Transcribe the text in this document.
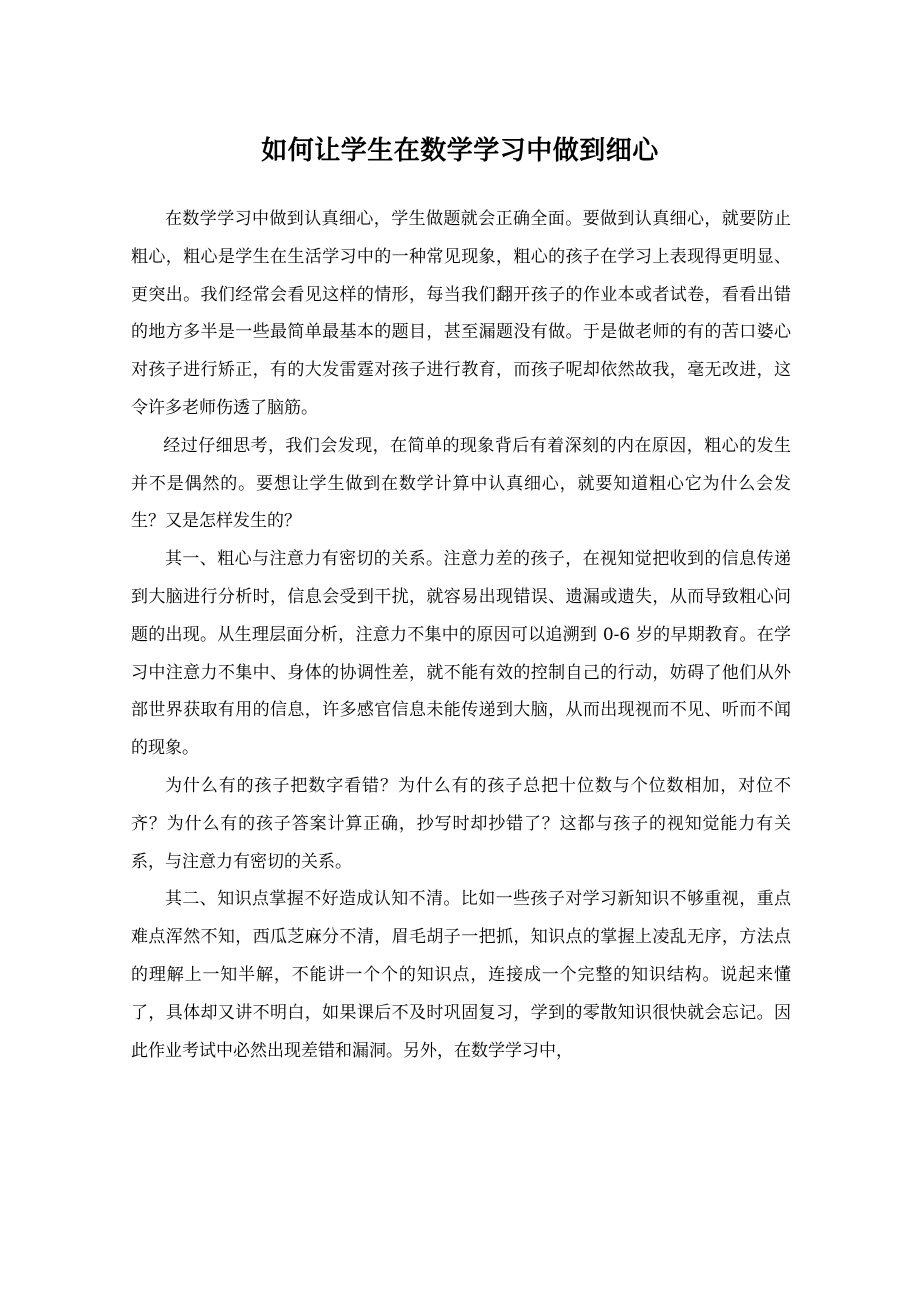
如何让学生在数学学习中做到细心

在数学学习中做到认真细心，学生做题就会正确全面。要做到认真细心，就要防止粗心，粗心是学生在生活学习中的一种常见现象，粗心的孩子在学习上表现得更明显、更突出。我们经常会看见这样的情形，每当我们翻开孩子的作业本或者试卷，看看出错的地方多半是一些最简单最基本的题目，甚至漏题没有做。于是做老师的有的苦口婆心对孩子进行矫正，有的大发雷霆对孩子进行教育，而孩子呢却依然故我，毫无改进，这令许多老师伤透了脑筋。

经过仔细思考，我们会发现，在简单的现象背后有着深刻的内在原因，粗心的发生并不是偶然的。要想让学生做到在数学计算中认真细心，就要知道粗心它为什么会发生？又是怎样发生的？

其一、粗心与注意力有密切的关系。注意力差的孩子，在视知觉把收到的信息传递到大脑进行分析时，信息会受到干扰，就容易出现错误、遗漏或遗失，从而导致粗心问题的出现。从生理层面分析，注意力不集中的原因可以追溯到 0-6 岁的早期教育。在学习中注意力不集中、身体的协调性差，就不能有效的控制自己的行动，妨碍了他们从外部世界获取有用的信息，许多感官信息未能传递到大脑，从而出现视而不见、听而不闻的现象。

为什么有的孩子把数字看错？为什么有的孩子总把十位数与个位数相加，对位不齐？为什么有的孩子答案计算正确，抄写时却抄错了？这都与孩子的视知觉能力有关系，与注意力有密切的关系。

其二、知识点掌握不好造成认知不清。比如一些孩子对学习新知识不够重视，重点难点浑然不知，西瓜芝麻分不清，眉毛胡子一把抓，知识点的掌握上凌乱无序，方法点的理解上一知半解，不能讲一个个的知识点，连接成一个完整的知识结构。说起来懂了，具体却又讲不明白，如果课后不及时巩固复习，学到的零散知识很快就会忘记。因此作业考试中必然出现差错和漏洞。另外，在数学学习中，
